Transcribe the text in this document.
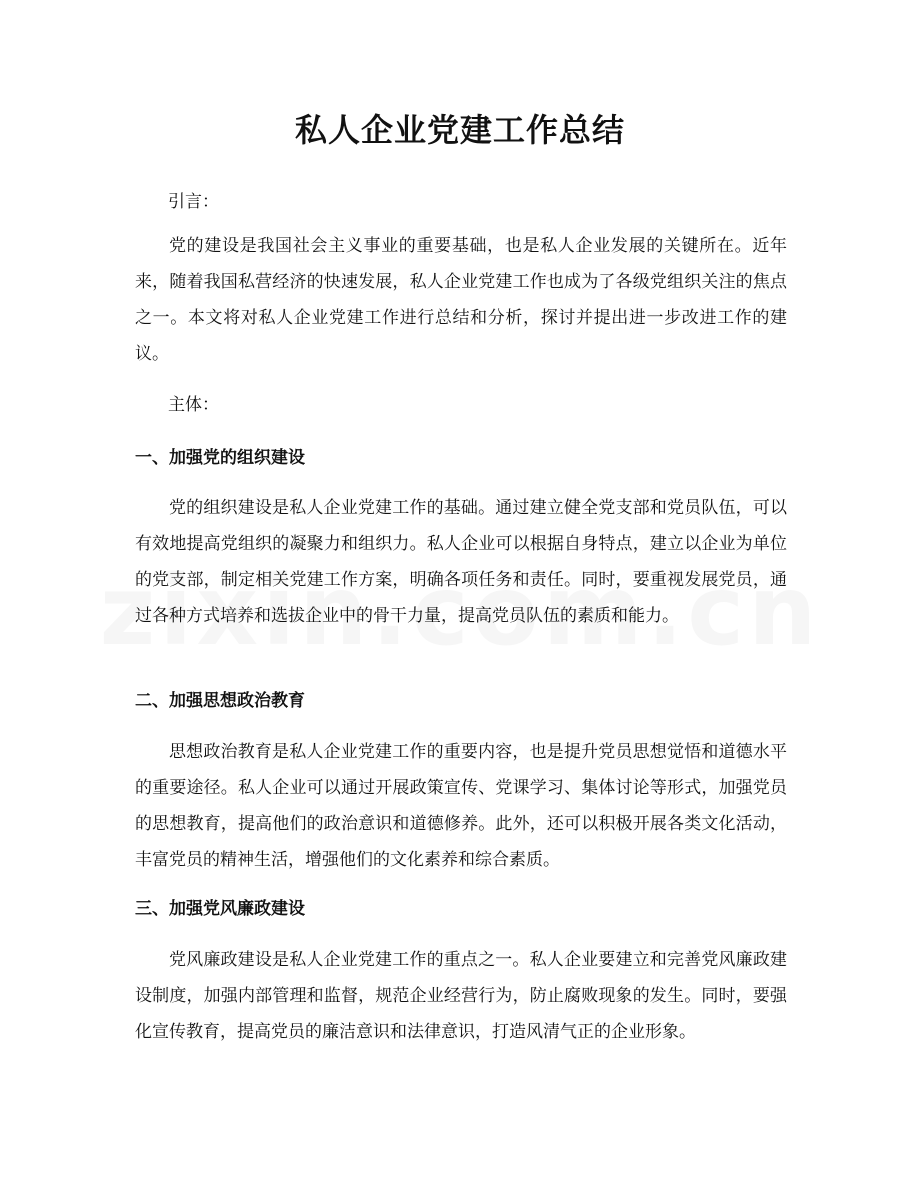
私人企业党建工作总结
引言：

党的建设是我国社会主义事业的重要基础，也是私人企业发展的关键所在。近年来，随着我国私营经济的快速发展，私人企业党建工作也成为了各级党组织关注的焦点之一。本文将对私人企业党建工作进行总结和分析，探讨并提出进一步改进工作的建议。

主体：
一、加强党的组织建设

党的组织建设是私人企业党建工作的基础。通过建立健全党支部和党员队伍，可以有效地提高党组织的凝聚力和组织力。私人企业可以根据自身特点，建立以企业为单位的党支部，制定相关党建工作方案，明确各项任务和责任。同时，要重视发展党员，通过各种方式培养和选拔企业中的骨干力量，提高党员队伍的素质和能力。

二、加强思想政治教育

思想政治教育是私人企业党建工作的重要内容，也是提升党员思想觉悟和道德水平的重要途径。私人企业可以通过开展政策宣传、党课学习、集体讨论等形式，加强党员的思想教育，提高他们的政治意识和道德修养。此外，还可以积极开展各类文化活动，丰富党员的精神生活，增强他们的文化素养和综合素质。

三、加强党风廉政建设

党风廉政建设是私人企业党建工作的重点之一。私人企业要建立和完善党风廉政建设制度，加强内部管理和监督，规范企业经营行为，防止腐败现象的发生。同时，要强化宣传教育，提高党员的廉洁意识和法律意识，打造风清气正的企业形象。
